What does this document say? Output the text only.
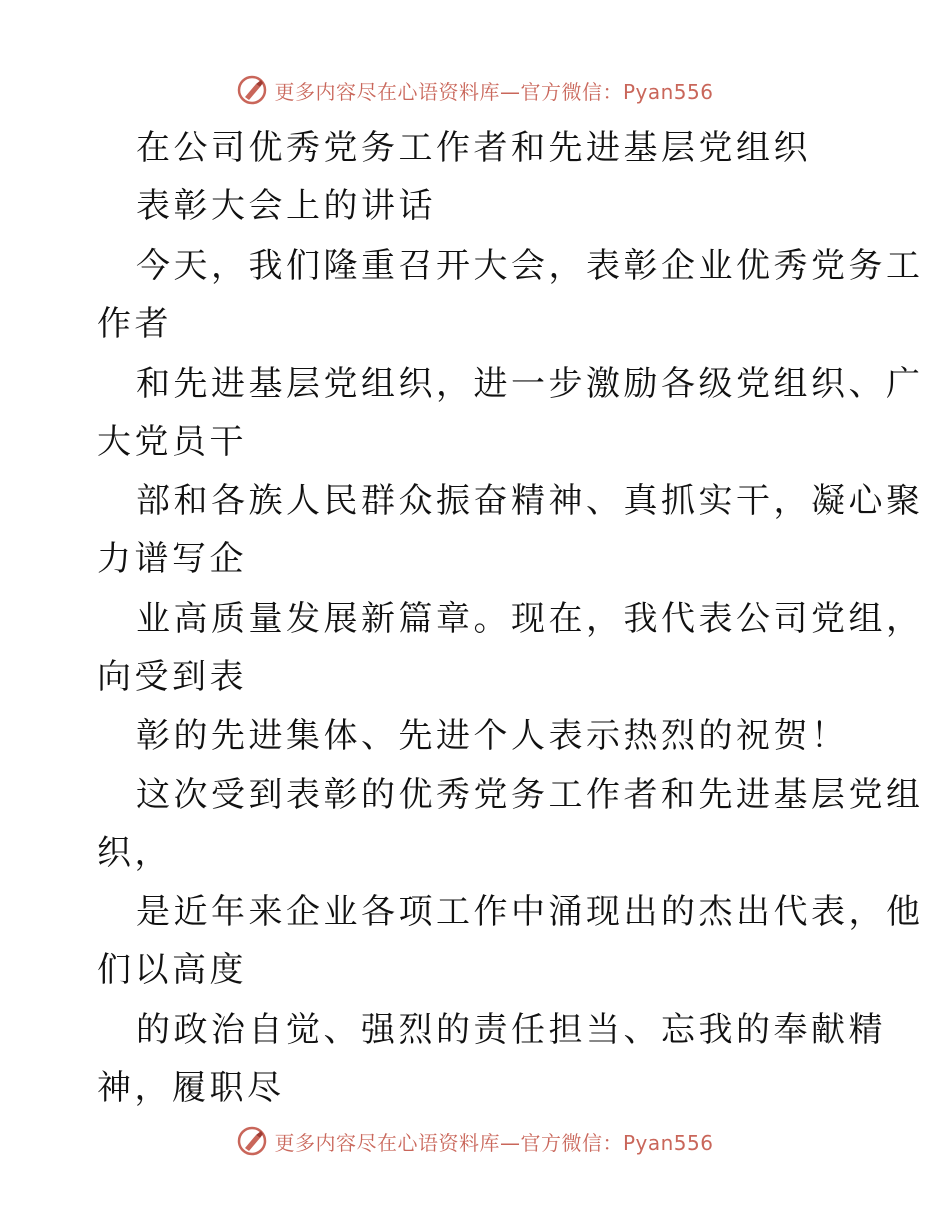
更多内容尽在心语资料库—官方微信：Pyan556
在公司优秀党务工作者和先进基层党组织
表彰大会上的讲话
今天，我们隆重召开大会，表彰企业优秀党务工
作者
和先进基层党组织，进一步激励各级党组织、广
大党员干
部和各族人民群众振奋精神、真抓实干，凝心聚
力谱写企
业高质量发展新篇章。现在，我代表公司党组，
向受到表
彰的先进集体、先进个人表示热烈的祝贺！
这次受到表彰的优秀党务工作者和先进基层党组
织，
是近年来企业各项工作中涌现出的杰出代表，他
们以高度
的政治自觉、强烈的责任担当、忘我的奉献精
神，履职尽
更多内容尽在心语资料库—官方微信：Pyan556
